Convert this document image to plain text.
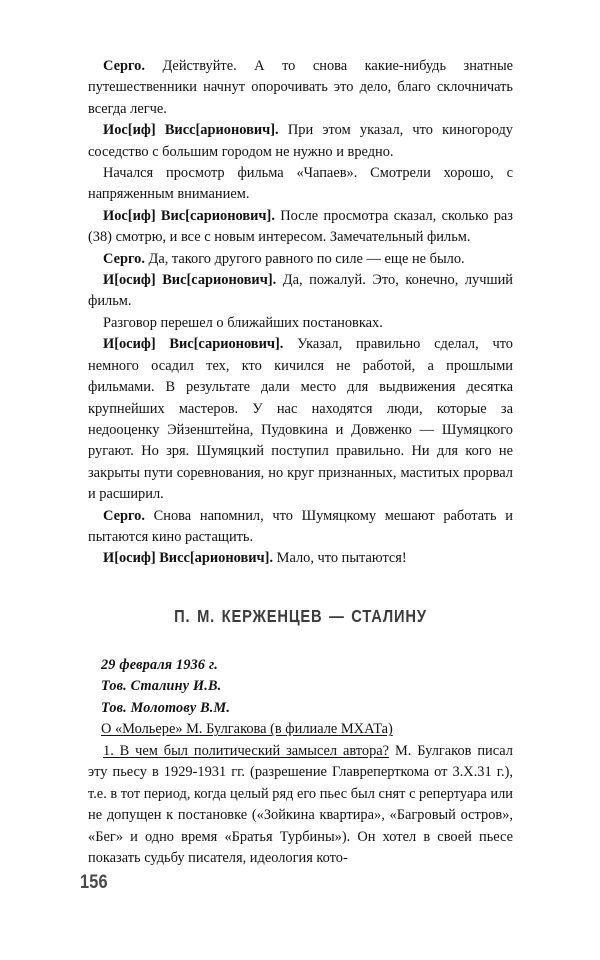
Серго. Действуйте. А то снова какие-нибудь знатные путешественники начнут опорочивать это дело, благо склочничать всегда легче.

Иос[иф] Висс[арионович]. При этом указал, что киногороду соседство с большим городом не нужно и вредно.

Начался просмотр фильма «Чапаев». Смотрели хорошо, с напряженным вниманием.

Иос[иф] Вис[сарионович]. После просмотра сказал, сколько раз (38) смотрю, и все с новым интересом. Замечательный фильм.

Серго. Да, такого другого равного по силе — еще не было.

И[осиф] Вис[сарионович]. Да, пожалуй. Это, конечно, лучший фильм.

Разговор перешел о ближайших постановках.

И[осиф] Вис[сарионович]. Указал, правильно сделал, что немного осадил тех, кто кичился не работой, а прошлыми фильмами. В результате дали место для выдвижения десятка крупнейших мастеров. У нас находятся люди, которые за недооценку Эйзенштейна, Пудовкина и Довженко — Шумяцкого ругают. Но зря. Шумяцкий поступил правильно. Ни для кого не закрыты пути соревнования, но круг признанных, маститых прорвал и расширил.

Серго. Снова напомнил, что Шумяцкому мешают работать и пытаются кино растащить.

И[осиф] Висс[арионович]. Мало, что пытаются!

П. М. КЕРЖЕНЦЕВ — СТАЛИНУ

29 февраля 1936 г.

Тов. Сталину И.В.

Тов. Молотову В.М.

О «Мольере» М. Булгакова (в филиале МХАТа)

1. В чем был политический замысел автора? М. Булгаков писал эту пьесу в 1929-1931 гг. (разрешение Главреперткома от 3.X.31 г.), т.е. в тот период, когда целый ряд его пьес был снят с репертуара или не допущен к постановке («Зойкина квартира», «Багровый остров», «Бег» и одно время «Братья Турбины»). Он хотел в своей пьесе показать судьбу писателя, идеология кото-

156
